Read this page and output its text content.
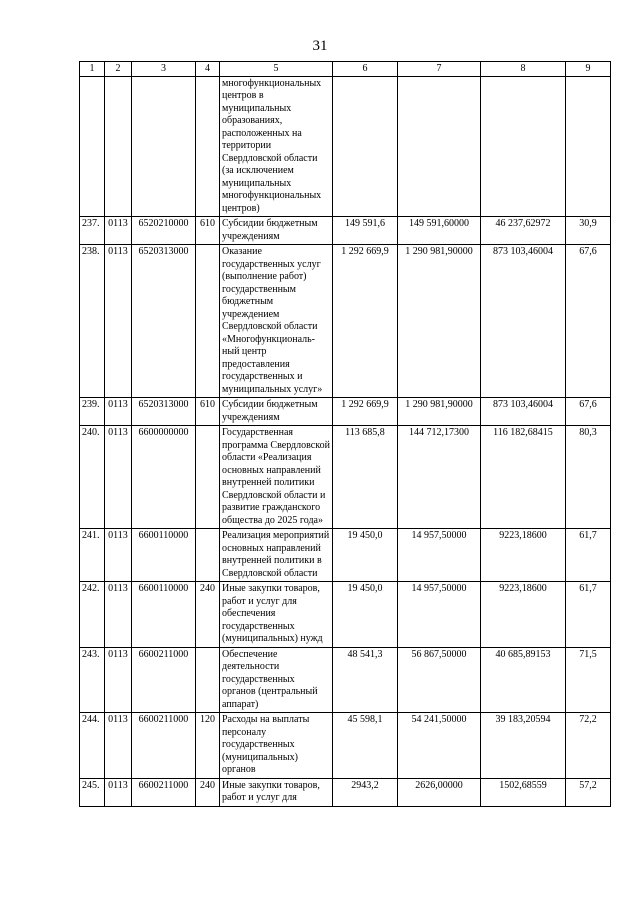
31
1	2	3	4	5	6	7	8	9
				многофункциональных центров в муниципальных образованиях, расположенных на территории Свердловской области (за исключением муниципальных многофункциональных центров)				
237.	0113	6520210000	610	Субсидии бюджетным учреждениям	149 591,6	149 591,60000	46 237,62972	30,9
238.	0113	6520313000		Оказание государственных услуг (выполнение работ) государственным бюджетным учреждением Свердловской области «Многофункциональ-ный центр предоставления государственных и муниципальных услуг»	1 292 669,9	1 290 981,90000	873 103,46004	67,6
239.	0113	6520313000	610	Субсидии бюджетным учреждениям	1 292 669,9	1 290 981,90000	873 103,46004	67,6
240.	0113	6600000000		Государственная программа Свердловской области «Реализация основных направлений внутренней политики Свердловской области и развитие гражданского общества до 2025 года»	113 685,8	144 712,17300	116 182,68415	80,3
241.	0113	6600110000		Реализация мероприятий основных направлений внутренней политики в Свердловской области	19 450,0	14 957,50000	9223,18600	61,7
242.	0113	6600110000	240	Иные закупки товаров, работ и услуг для обеспечения государственных (муниципальных) нужд	19 450,0	14 957,50000	9223,18600	61,7
243.	0113	6600211000		Обеспечение деятельности государственных органов (центральный аппарат)	48 541,3	56 867,50000	40 685,89153	71,5
244.	0113	6600211000	120	Расходы на выплаты персоналу государственных (муниципальных) органов	45 598,1	54 241,50000	39 183,20594	72,2
245.	0113	6600211000	240	Иные закупки товаров, работ и услуг для	2943,2	2626,00000	1502,68559	57,2
